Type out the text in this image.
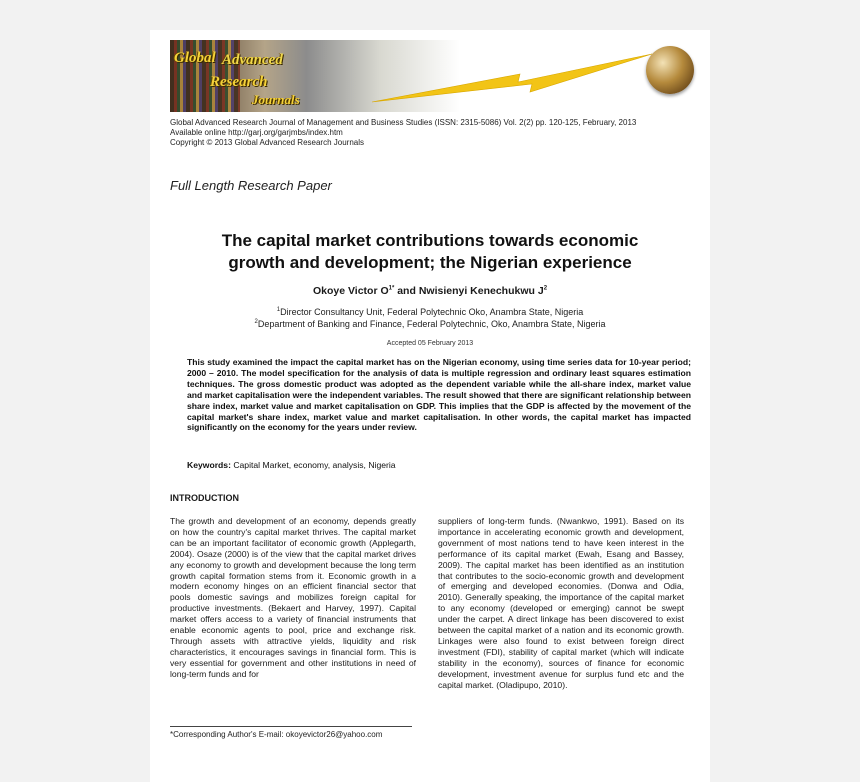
Global Advanced
Research
Journals
Global Advanced Research Journal of Management and Business Studies (ISSN: 2315-5086) Vol. 2(2) pp. 120-125, February, 2013
Available online http://garj.org/garjmbs/index.htm
Copyright © 2013 Global Advanced Research Journals
Full Length Research Paper
The capital market contributions towards economic
growth and development; the Nigerian experience
Okoye Victor $O^{1*}$ and Nwisienyi Kenechukwu $J^2$
$^1$Director Consultancy Unit, Federal Polytechnic Oko, Anambra State, Nigeria
$^2$Department of Banking and Finance, Federal Polytechnic, Oko, Anambra State, Nigeria
Accepted 05 February 2013
This study examined the impact the capital market has on the Nigerian economy, using time series data for 10-year period; 2000 – 2010. The model specification for the analysis of data is multiple regression and ordinary least squares estimation techniques. The gross domestic product was adopted as the dependent variable while the all-share index, market value and market capitalisation were the independent variables. The result showed that there are significant relationship between share index, market value and market capitalisation on GDP. This implies that the GDP is affected by the movement of the capital market's share index, market value and market capitalisation. In other words, the capital market has impacted significantly on the economy for the years under review.
Keywords: Capital Market, economy, analysis, Nigeria
INTRODUCTION
The growth and development of an economy, depends greatly on how the country's capital market thrives. The capital market can be an important facilitator of economic growth (Applegarth, 2004). Osaze (2000) is of the view that the capital market drives any economy to growth and development because the long term growth capital formation stems from it. Economic growth in a modern economy hinges on an efficient financial sector that pools domestic savings and mobilizes foreign capital for productive investments. (Bekaert and Harvey, 1997). Capital market offers access to a variety of financial instruments that enable economic agents to pool, price and exchange risk. Through assets with attractive yields, liquidity and risk characteristics, it encourages savings in financial form. This is very essential for government and other institutions in need of long-term funds and for
suppliers of long-term funds. (Nwankwo, 1991). Based on its importance in accelerating economic growth and development, government of most nations tend to have keen interest in the performance of its capital market (Ewah, Esang and Bassey, 2009). The capital market has been identified as an institution that contributes to the socio-economic growth and development of emerging and developed economies. (Donwa and Odia, 2010). Generally speaking, the importance of the capital market to any economy (developed or emerging) cannot be swept under the carpet. A direct linkage has been discovered to exist between the capital market of a nation and its economic growth. Linkages were also found to exist between foreign direct investment (FDI), stability of capital market (which will indicate stability in the economy), sources of finance for economic development, investment avenue for surplus fund etc and the capital market. (Oladipupo, 2010).
*Corresponding Author's E-mail: okoyevictor26@yahoo.com
